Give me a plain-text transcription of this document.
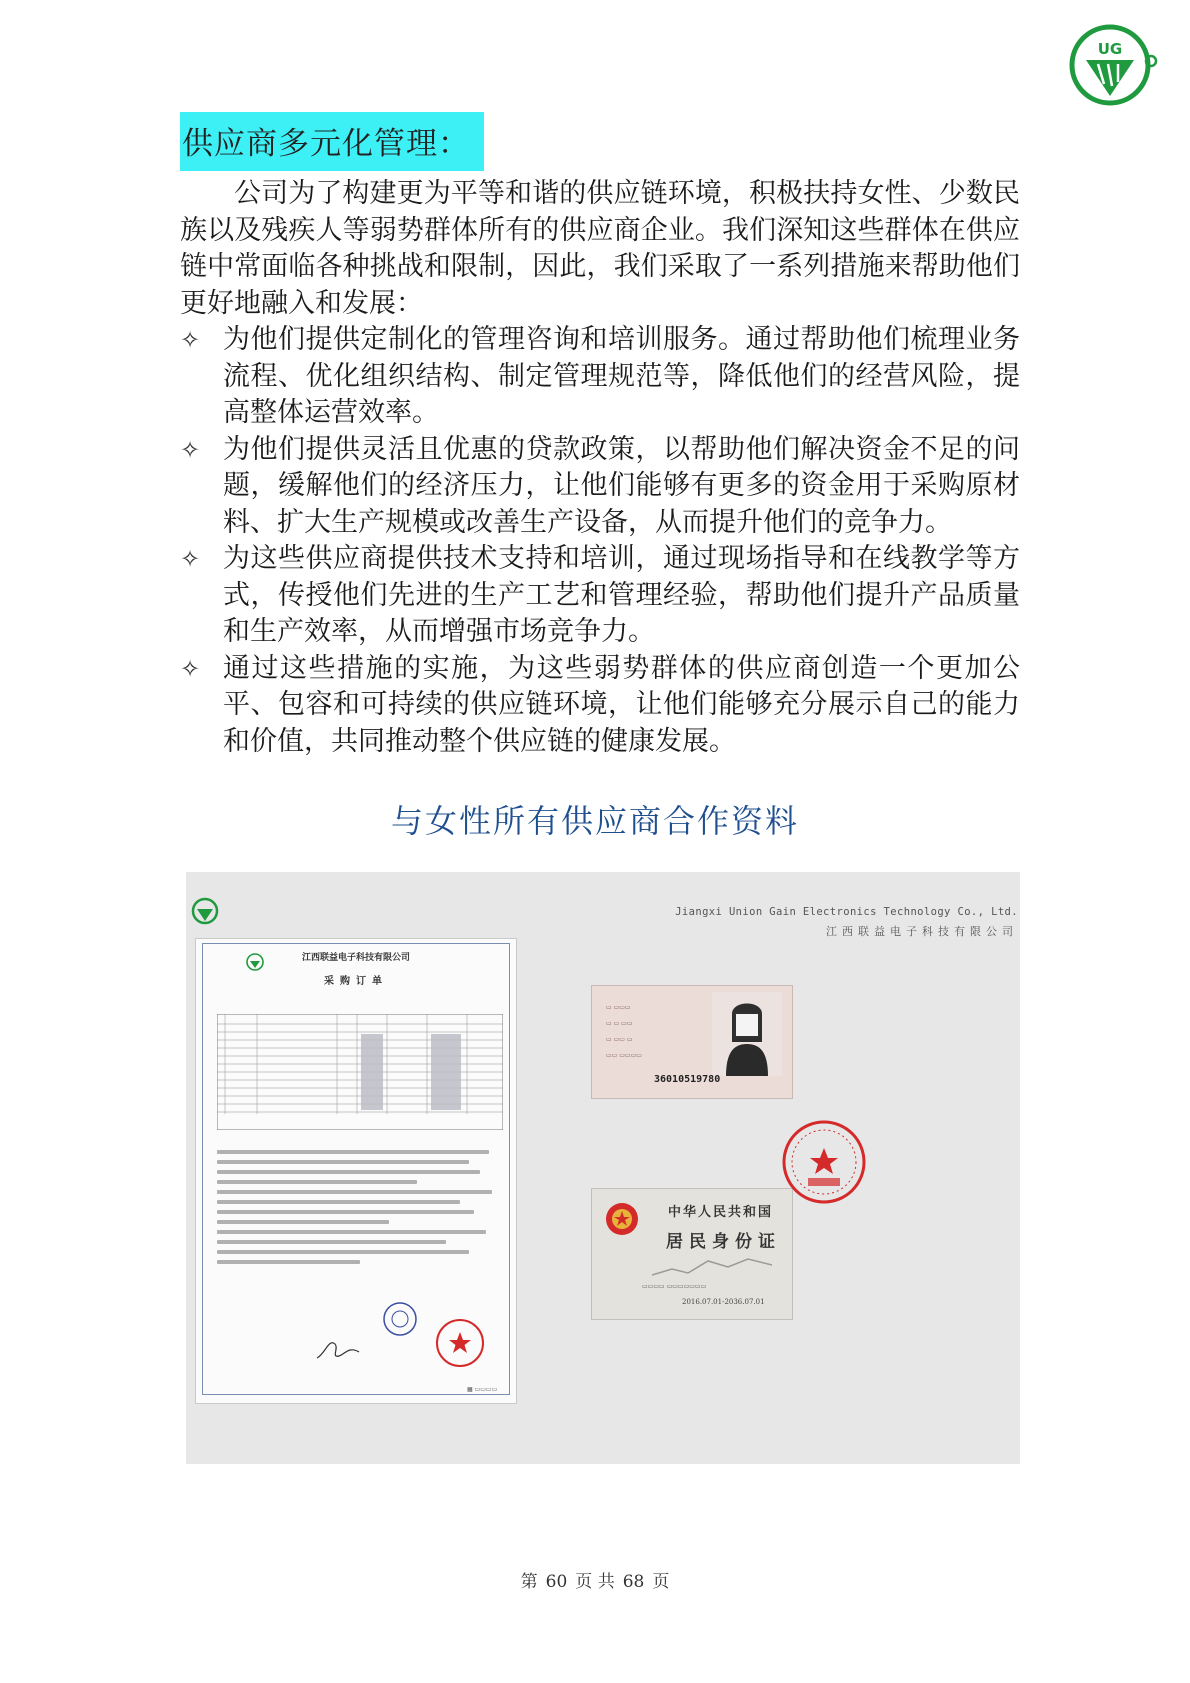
UG
供应商多元化管理：

公司为了构建更为平等和谐的供应链环境，积极扶持女性、少数民族以及残疾人等弱势群体所有的供应商企业。我们深知这些群体在供应链中常面临各种挑战和限制，因此，我们采取了一系列措施来帮助他们更好地融入和发展：

✧ 为他们提供定制化的管理咨询和培训服务。通过帮助他们梳理业务流程、优化组织结构、制定管理规范等，降低他们的经营风险，提高整体运营效率。
✧ 为他们提供灵活且优惠的贷款政策，以帮助他们解决资金不足的问题，缓解他们的经济压力，让他们能够有更多的资金用于采购原材料、扩大生产规模或改善生产设备，从而提升他们的竞争力。
✧ 为这些供应商提供技术支持和培训，通过现场指导和在线教学等方式，传授他们先进的生产工艺和管理经验，帮助他们提升产品质量和生产效率，从而增强市场竞争力。
✧ 通过这些措施的实施，为这些弱势群体的供应商创造一个更加公平、包容和可持续的供应链环境，让他们能够充分展示自己的能力和价值，共同推动整个供应链的健康发展。
与女性所有供应商合作资料
Jiangxi Union Gain Electronics Technology Co., Ltd.
江西联益电子科技有限公司
江西联益电子科技有限公司
采购订单
▦ ▭▭▭▭
▭ ▭▭▭
▭ ▭ ▭▭
▭ ▭▭ ▭
▭▭ ▭▭▭▭
36010519780
中华人民共和国
居民身份证
▭▭▭▭ ▭▭▭▭▭▭▭
2016.07.01-2036.07.01
第 60 页 共 68 页
